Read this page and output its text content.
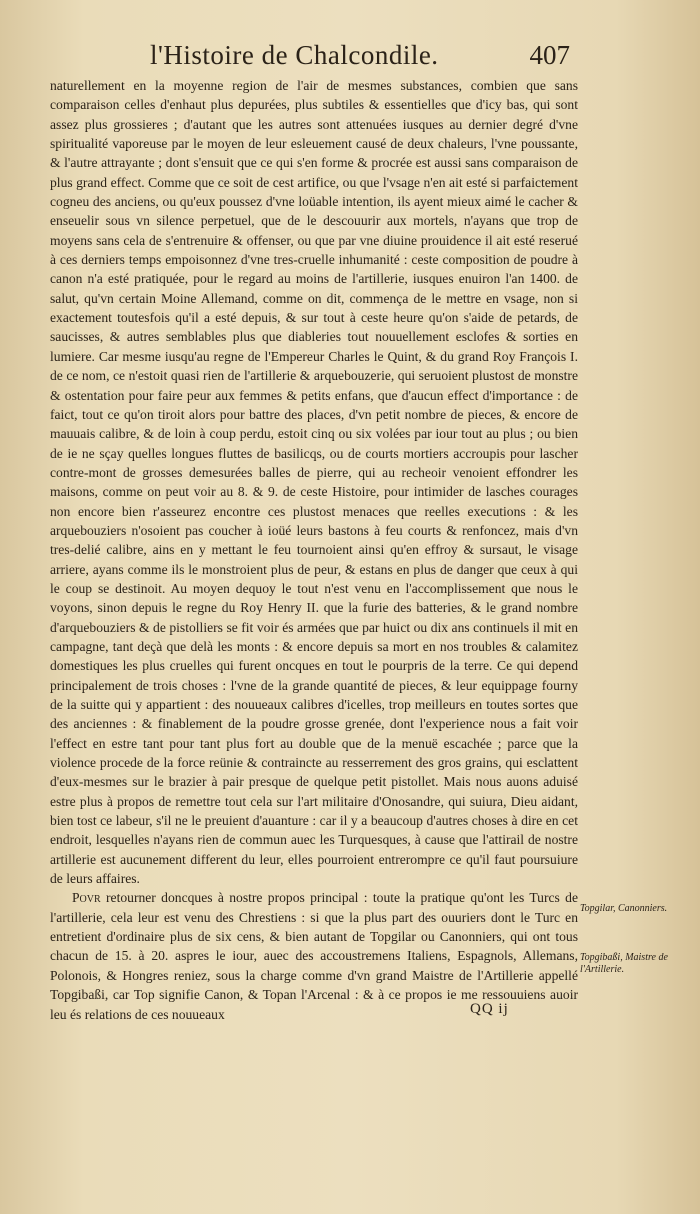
l'Histoire de Chalcondile.	407

naturellement en la moyenne region de l'air de mesmes substances, combien que sans comparaison celles d'enhaut plus depurées, plus subtiles & essentielles que d'icy bas, qui sont assez plus grossieres ; d'autant que les autres sont attenuées iusques au dernier degré d'vne spiritualité vaporeuse par le moyen de leur esleuement causé de deux chaleurs, l'vne poussante, & l'autre attrayante ; dont s'ensuit que ce qui s'en forme & procrée est aussi sans comparaison de plus grand effect. Comme que ce soit de cest artifice, ou que l'vsage n'en ait esté si parfaictement cogneu des anciens, ou qu'eux poussez d'vne loüable intention, ils ayent mieux aimé le cacher & enseuelir sous vn silence perpetuel, que de le descouurir aux mortels, n'ayans que trop de moyens sans cela de s'entrenuire & offenser, ou que par vne diuine prouidence il ait esté reserué à ces derniers temps empoisonnez d'vne tres-cruelle inhumanité : ceste composition de poudre à canon n'a esté pratiquée, pour le regard au moins de l'artillerie, iusques enuiron l'an 1400. de salut, qu'vn certain Moine Allemand, comme on dit, commença de le mettre en vsage, non si exactement toutesfois qu'il a esté depuis, & sur tout à ceste heure qu'on s'aide de petards, de saucisses, & autres semblables plus que diableries tout nouuellement esclofes & sorties en lumiere. Car mesme iusqu'au regne de l'Empereur Charles le Quint, & du grand Roy François I. de ce nom, ce n'estoit quasi rien de l'artillerie & arquebouzerie, qui seruoient plustost de monstre & ostentation pour faire peur aux femmes & petits enfans, que d'aucun effect d'importance : de faict, tout ce qu'on tiroit alors pour battre des places, d'vn petit nombre de pieces, & encore de mauuais calibre, & de loin à coup perdu, estoit cinq ou six volées par iour tout au plus ; ou bien de ie ne sçay quelles longues fluttes de basilicqs, ou de courts mortiers accroupis pour lascher contre-mont de grosses demesurées balles de pierre, qui au recheoir venoient effondrer les maisons, comme on peut voir au 8. & 9. de ceste Histoire, pour intimider de lasches courages non encore bien r'asseurez encontre ces plustost menaces que reelles executions : & les arquebouziers n'osoient pas coucher à ioüé leurs bastons à feu courts & renfoncez, mais d'vn tres-delié calibre, ains en y mettant le feu tournoient ainsi qu'en effroy & sursaut, le visage arriere, ayans comme ils le monstroient plus de peur, & estans en plus de danger que ceux à qui le coup se destinoit. Au moyen dequoy le tout n'est venu en l'accomplissement que nous le voyons, sinon depuis le regne du Roy Henry II. que la furie des batteries, & le grand nombre d'arquebouziers & de pistolliers se fit voir és armées que par huict ou dix ans continuels il mit en campagne, tant deçà que delà les monts : & encore depuis sa mort en nos troubles & calamitez domestiques les plus cruelles qui furent oncques en tout le pourpris de la terre. Ce qui depend principalement de trois choses : l'vne de la grande quantité de pieces, & leur equippage fourny de la suitte qui y appartient : des nouueaux calibres d'icelles, trop meilleurs en toutes sortes que des anciennes : & finablement de la poudre grosse grenée, dont l'experience nous a fait voir l'effect en estre tant pour tant plus fort au double que de la menuë escachée ; parce que la violence procede de la force reünie & contraincte au resserrement des gros grains, qui esclattent d'eux-mesmes sur le brazier à pair presque de quelque petit pistollet. Mais nous auons aduisé estre plus à propos de remettre tout cela sur l'art militaire d'Onosandre, qui suiura, Dieu aidant, bien tost ce labeur, s'il ne le preuient d'auanture : car il y a beaucoup d'autres choses à dire en cet endroit, lesquelles n'ayans rien de commun auec les Turquesques, à cause que l'attirail de nostre artillerie est aucunement different du leur, elles pourroient entrerompre ce qu'il faut poursuiure de leurs affaires.

Povr retourner doncques à nostre propos principal : toute la pratique qu'ont les Turcs de l'artillerie, cela leur est venu des Chrestiens : si que la plus part des ouuriers dont le Turc en entretient d'ordinaire plus de six cens, & bien autant de Topgilar ou Canonniers, qui ont tous chacun de 15. à 20. aspres le iour, auec des accoustremens Italiens, Espagnols, Allemans, Polonois, & Hongres reniez, sous la charge comme d'vn grand Maistre de l'Artillerie appellé Topgibaßi, car Top signifie Canon, & Topan l'Arcenal : & à ce propos ie me ressouuiens auoir leu és relations de ces nouueaux

Topgilar, Canonniers.
Topgibaßi, Maistre de l'Artillerie.
QQ ij
